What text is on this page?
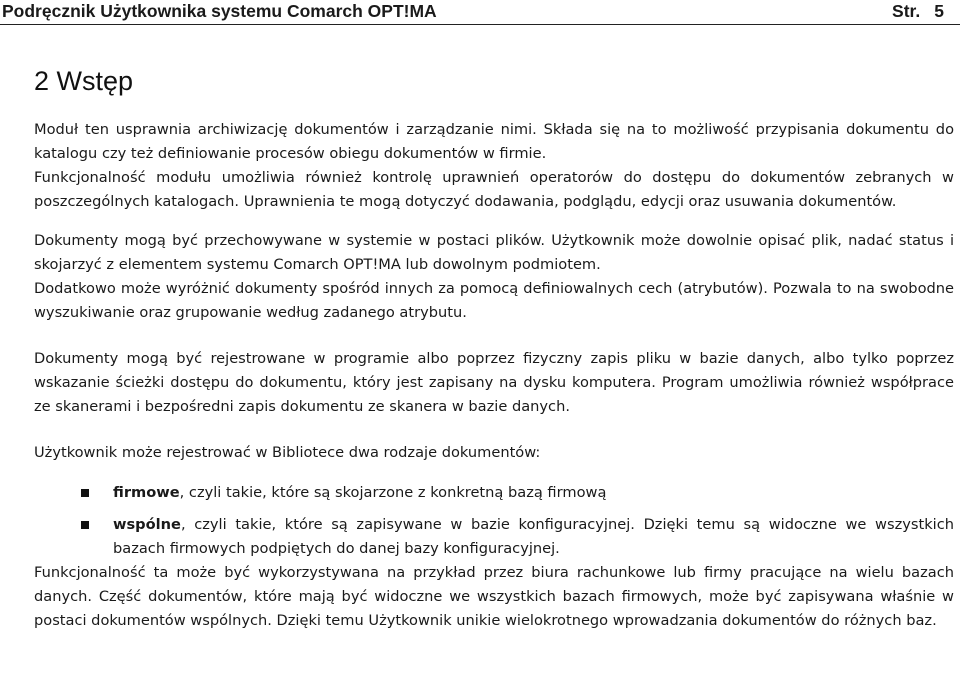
Podręcznik Użytkownika systemu Comarch OPT!MA	Str. 5
2 Wstęp

Moduł ten usprawnia archiwizację dokumentów i zarządzanie nimi. Składa się na to możliwość przypisania dokumentu do katalogu czy też definiowanie procesów obiegu dokumentów w firmie.

Funkcjonalność modułu umożliwia również kontrolę uprawnień operatorów do dostępu do dokumentów zebranych w poszczególnych katalogach. Uprawnienia te mogą dotyczyć dodawania, podglądu, edycji oraz usuwania dokumentów.

Dokumenty mogą być przechowywane w systemie w postaci plików. Użytkownik może dowolnie opisać plik, nadać status i skojarzyć z elementem systemu Comarch OPT!MA lub dowolnym podmiotem.

Dodatkowo może wyróżnić dokumenty spośród innych za pomocą definiowalnych cech (atrybutów). Pozwala to na swobodne wyszukiwanie oraz grupowanie według zadanego atrybutu.

Dokumenty mogą być rejestrowane w programie albo poprzez fizyczny zapis pliku w bazie danych, albo tylko poprzez wskazanie ścieżki dostępu do dokumentu, który jest zapisany na dysku komputera. Program umożliwia również współprace ze skanerami i bezpośredni zapis dokumentu ze skanera w bazie danych.

Użytkownik może rejestrować w Bibliotece dwa rodzaje dokumentów:

firmowe, czyli takie, które są skojarzone z konkretną bazą firmową
wspólne, czyli takie, które są zapisywane w bazie konfiguracyjnej. Dzięki temu są widoczne we wszystkich bazach firmowych podpiętych do danej bazy konfiguracyjnej.

Funkcjonalność ta może być wykorzystywana na przykład przez biura rachunkowe lub firmy pracujące na wielu bazach danych. Część dokumentów, które mają być widoczne we wszystkich bazach firmowych, może być zapisywana właśnie w postaci dokumentów wspólnych. Dzięki temu Użytkownik unikie wielokrotnego wprowadzania dokumentów do różnych baz.
